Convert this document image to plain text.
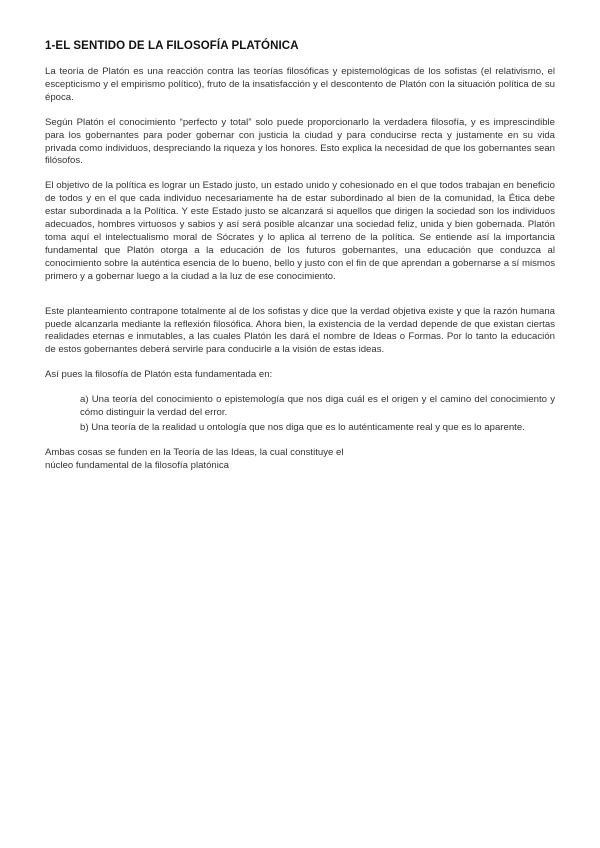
1-EL SENTIDO DE LA FILOSOFÍA PLATÓNICA

La teoría de Platón es una reacción contra las teorías filosóficas y epistemológicas de los sofistas (el relativismo, el escepticismo y el empirismo político), fruto de la insatisfacción y el descontento de Platón con la situación política de su época.

Según Platón el conocimiento “perfecto y total” solo puede proporcionarlo la verdadera filosofía, y es imprescindible para los gobernantes para poder gobernar con justicia la ciudad y para conducirse recta y justamente en su vida privada como individuos, despreciando la riqueza y los honores. Esto explica la necesidad de que los gobernantes sean filósofos.

El objetivo de la política es lograr un Estado justo, un estado unido y cohesionado en el que todos trabajan en beneficio de todos y en el que cada individuo necesariamente ha de estar subordinado al bien de la comunidad, la Ética debe estar subordinada a la Política. Y este Estado justo se alcanzará si aquellos que dirigen la sociedad son los individuos adecuados, hombres virtuosos y sabios y así será posible alcanzar una sociedad feliz, unida y bien gobernada. Platón toma aquí el intelectualismo moral de Sócrates y lo aplica al terreno de la política. Se entiende así la importancia fundamental que Platón otorga a la educación de los futuros gobernantes, una educación que conduzca al conocimiento sobre la auténtica esencia de lo bueno, bello y justo con el fin de que aprendan a gobernarse a sí mismos primero y a gobernar luego a la ciudad a la luz de ese conocimiento.

Este planteamiento contrapone totalmente al de los sofistas y dice que la verdad objetiva existe y que la razón humana puede alcanzarla mediante la reflexión filosófica. Ahora bien, la existencia de la verdad depende de que existan ciertas realidades eternas e inmutables, a las cuales Platón les dará el nombre de Ideas o Formas. Por lo tanto la educación de estos gobernantes deberá servirle para conducirle a la visión de estas ideas.

Así pues la filosofía de Platón esta fundamentada en:

a) Una teoría del conocimiento o epistemología que nos diga cuál es el origen y el camino del conocimiento y cómo distinguir la verdad del error.

b) Una teoría de la realidad u ontología que nos diga que es lo auténticamente real y que es lo aparente.

Ambas cosas se funden en la Teoría de las Ideas, la cual constituye el
núcleo fundamental de la filosofía platónica
